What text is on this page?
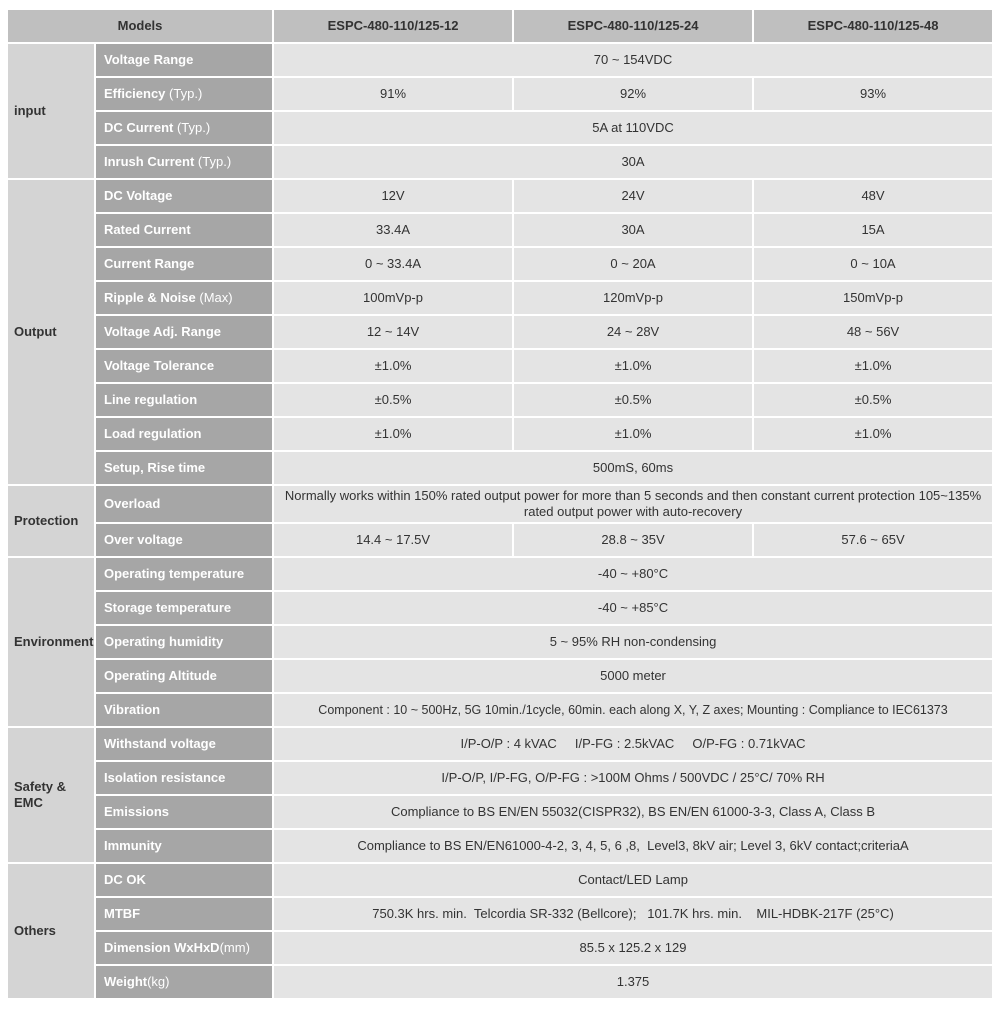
Models		ESPC-480-110/125-12	ESPC-480-110/125-24	ESPC-480-110/125-48
input	Voltage Range	70 ~ 154VDC		
	Efficiency (Typ.)	91%	92%	93%
	DC Current (Typ.)	5A at 110VDC		
	Inrush Current (Typ.)	30A		
Output	DC Voltage	12V	24V	48V
	Rated Current	33.4A	30A	15A
	Current Range	0 ~ 33.4A	0 ~ 20A	0 ~ 10A
	Ripple & Noise (Max)	100mVp-p	120mVp-p	150mVp-p
	Voltage Adj. Range	12 ~ 14V	24 ~ 28V	48 ~ 56V
	Voltage Tolerance	±1.0%	±1.0%	±1.0%
	Line regulation	±0.5%	±0.5%	±0.5%
	Load regulation	±1.0%	±1.0%	±1.0%
	Setup, Rise time	500mS, 60ms		
Protection	Overload	Normally works within 150% rated output power for more than 5 seconds and then constant current protection 105~135% rated output power with auto-recovery		
	Over voltage	14.4 ~ 17.5V	28.8 ~ 35V	57.6 ~ 65V
Environment	Operating temperature	-40 ~ +80°C		
	Storage temperature	-40 ~ +85°C		
	Operating humidity	5 ~ 95% RH non-condensing		
	Operating Altitude	5000 meter		
	Vibration	Component : 10 ~ 500Hz, 5G 10min./1cycle, 60min. each along X, Y, Z axes; Mounting : Compliance to IEC61373		
Safety & EMC	Withstand voltage	I/P-O/P : 4 kVAC     I/P-FG : 2.5kVAC     O/P-FG : 0.71kVAC		
	Isolation resistance	I/P-O/P, I/P-FG, O/P-FG : >100M Ohms / 500VDC / 25°C/ 70% RH		
	Emissions	Compliance to BS EN/EN 55032(CISPR32), BS EN/EN 61000-3-3, Class A, Class B		
	Immunity	Compliance to BS EN/EN61000-4-2, 3, 4, 5, 6 ,8,  Level3, 8kV air; Level 3, 6kV contact;criteriaA		
Others	DC OK	Contact/LED Lamp		
	MTBF	750.3K hrs. min.  Telcordia SR-332 (Bellcore);   101.7K hrs. min.    MIL-HDBK-217F (25°C)		
	Dimension WxHxD(mm)	85.5 x 125.2 x 129		
	Weight(kg)	1.375		
